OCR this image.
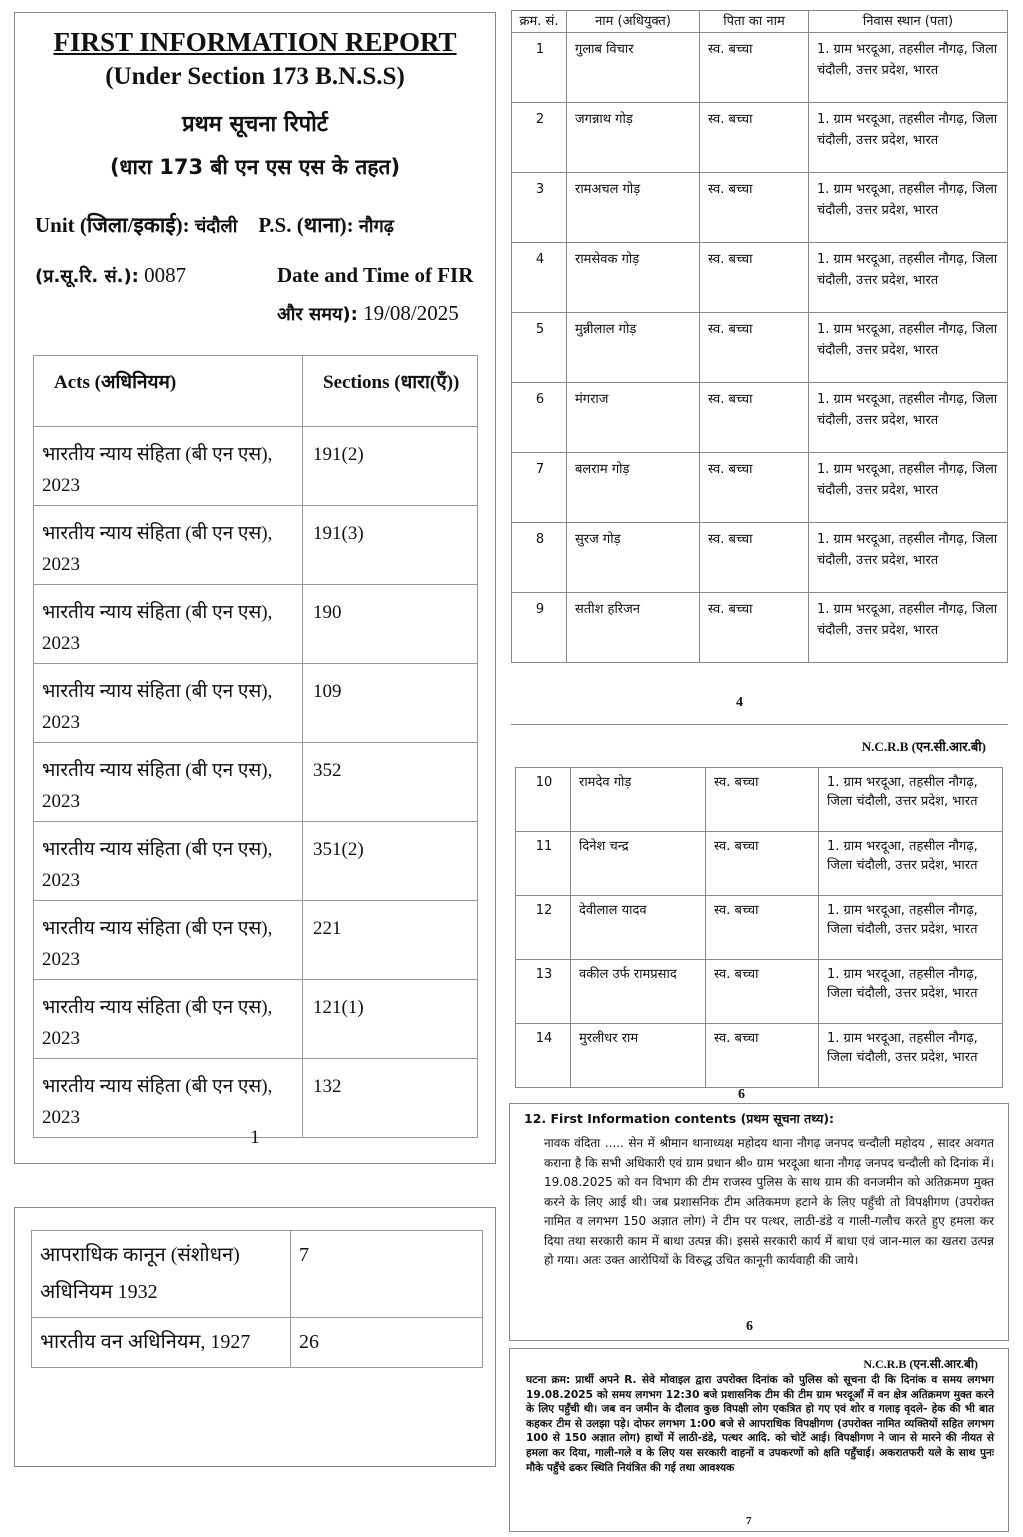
FIRST INFORMATION REPORT
(Under Section 173 B.N.S.S)
प्रथम सूचना रिपोर्ट
(धारा 173 बी एन एस एस के तहत)
Unit (जिला/इकाई): चंदौली P.S. (थाना): नौगढ़
(प्र.सू.रि. सं.): 0087	Date and Time of FIR
और समय): 19/08/2025
Acts (अधिनियम)	Sections (धारा(एँ))
भारतीय न्याय संहिता (बी एन एस), 2023	191(2)
भारतीय न्याय संहिता (बी एन एस), 2023	191(3)
भारतीय न्याय संहिता (बी एन एस), 2023	190
भारतीय न्याय संहिता (बी एन एस), 2023	109
भारतीय न्याय संहिता (बी एन एस), 2023	352
भारतीय न्याय संहिता (बी एन एस), 2023	351(2)
भारतीय न्याय संहिता (बी एन एस), 2023	221
भारतीय न्याय संहिता (बी एन एस), 2023	121(1)
भारतीय न्याय संहिता (बी एन एस), 2023	132
1
आपराधिक कानून (संशोधन) अधिनियम 1932	7
भारतीय वन अधिनियम, 1927	26
क्रम. सं.	नाम (अधियुक्त)	पिता का नाम	निवास स्थान (पता)
1	गुलाब विचार	स्व. बच्चा	1. ग्राम भरदूआ, तहसील नौगढ़, जिला चंदौली, उत्तर प्रदेश, भारत
2	जगन्नाथ गोड़	स्व. बच्चा	1. ग्राम भरदूआ, तहसील नौगढ़, जिला चंदौली, उत्तर प्रदेश, भारत
3	रामअचल गोड़	स्व. बच्चा	1. ग्राम भरदूआ, तहसील नौगढ़, जिला चंदौली, उत्तर प्रदेश, भारत
4	रामसेवक गोड़	स्व. बच्चा	1. ग्राम भरदूआ, तहसील नौगढ़, जिला चंदौली, उत्तर प्रदेश, भारत
5	मुन्नीलाल गोड़	स्व. बच्चा	1. ग्राम भरदूआ, तहसील नौगढ़, जिला चंदौली, उत्तर प्रदेश, भारत
6	मंगराज	स्व. बच्चा	1. ग्राम भरदूआ, तहसील नौगढ़, जिला चंदौली, उत्तर प्रदेश, भारत
7	बलराम गोड़	स्व. बच्चा	1. ग्राम भरदूआ, तहसील नौगढ़, जिला चंदौली, उत्तर प्रदेश, भारत
8	सुरज गोड़	स्व. बच्चा	1. ग्राम भरदूआ, तहसील नौगढ़, जिला चंदौली, उत्तर प्रदेश, भारत
9	सतीश हरिजन	स्व. बच्चा	1. ग्राम भरदूआ, तहसील नौगढ़, जिला चंदौली, उत्तर प्रदेश, भारत
4
N.C.R.B (एन.सी.आर.बी)
10	रामदेव गोड़	स्व. बच्चा	1. ग्राम भरदूआ, तहसील नौगढ़, जिला चंदौली, उत्तर प्रदेश, भारत
11	दिनेश चन्द्र	स्व. बच्चा	1. ग्राम भरदूआ, तहसील नौगढ़, जिला चंदौली, उत्तर प्रदेश, भारत
12	देवीलाल यादव	स्व. बच्चा	1. ग्राम भरदूआ, तहसील नौगढ़, जिला चंदौली, उत्तर प्रदेश, भारत
13	वकील उर्फ रामप्रसाद	स्व. बच्चा	1. ग्राम भरदूआ, तहसील नौगढ़, जिला चंदौली, उत्तर प्रदेश, भारत
14	मुरलीधर राम	स्व. बच्चा	1. ग्राम भरदूआ, तहसील नौगढ़, जिला चंदौली, उत्तर प्रदेश, भारत
6
12. First Information contents (प्रथम सूचना तथ्य):
नावक वंदिता ..... सेन में श्रीमान थानाध्यक्ष महोदय थाना नौगढ़ जनपद चन्दौली महोदय , सादर अवगत कराना है कि सभी अधिकारी एवं ग्राम प्रधान श्री० ग्राम भरदूआ थाना नौगढ़ जनपद चन्दौली को दिनांक में। 19.08.2025 को वन विभाग की टीम राजस्व पुलिस के साथ ग्राम की वनजमीन को अतिक्रमण मुक्त करने के लिए आई थी। जब प्रशासनिक टीम अतिकमण हटाने के लिए पहुँची तो विपक्षीगण (उपरोक्त नामित व लगभग 150 अज्ञात लोग) ने टीम पर पत्थर, लाठी-डंडे व गाली-गलौच करते हुए हमला कर दिया तथा सरकारी काम में बाधा उत्पन्न की। इससे सरकारी कार्य में बाधा एवं जान-माल का खतरा उत्पन्न हो गया। अतः उक्त आरोपियों के विरुद्ध उचित कानूनी कार्यवाही की जाये।
6
N.C.R.B (एन.सी.आर.बी)
घटना क्रम: प्रार्थी अपने R. सेवे मोवाइल द्वारा उपरोक्त दिनांक को पुलिस को सूचना दी कि दिनांक व समय लगभग 19.08.2025 को समय लगभग 12:30 बजे प्रशासनिक टीम की टीम ग्राम भरदूआँ में वन क्षेत्र अतिक्रमण मुक्त करने के लिए पहुँची थी। जब वन जमीन के दौलाव कुछ विपक्षी लोग एकत्रित हो गए एवं शोर व गलाइ वृदले- हेक की भी बात कहकर टीम से उलझा पड़े। दोफर लगभग 1:00 बजे से आपराधिक विपक्षीगण (उपरोक्त नामित व्यक्तियों सहित लगभग 100 से 150 अज्ञात लोग) हाथों में लाठी-डंडे, पत्थर आदि. को चोटें आई। विपक्षीगण ने जान से मारने की नीयत से हमला कर दिया, गाली-गले व के लिए यस सरकारी वाहनों व उपकरणों को क्षति पहुँचाई। अकरातफरी यले के साथ पुनः मौके पहुँचे ढकर स्थिति नियंत्रित की गई तथा आवश्यक
7
